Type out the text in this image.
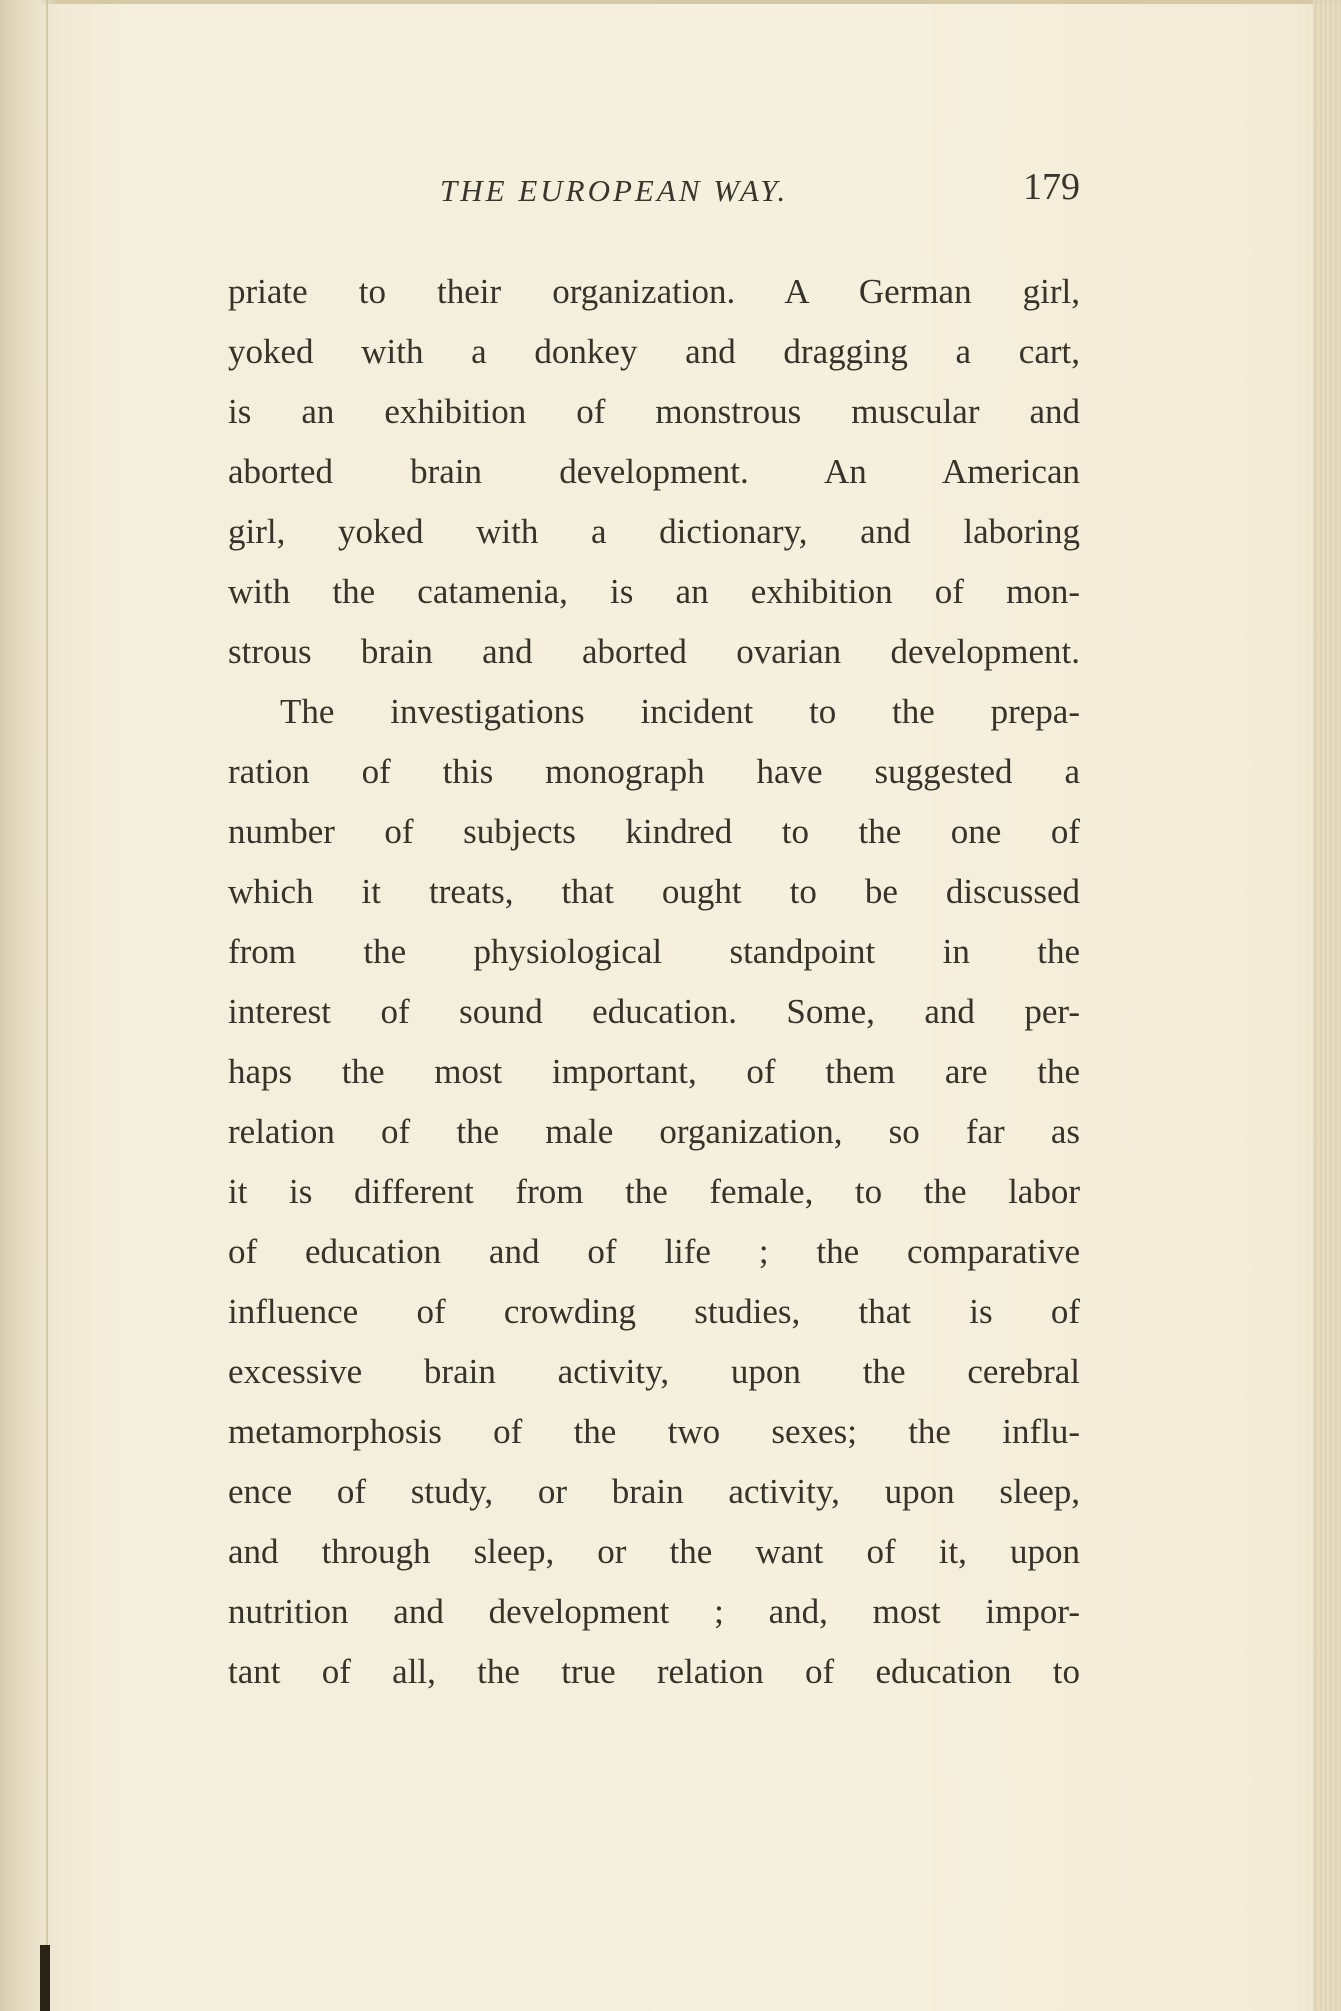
THE EUROPEAN WAY.	179
priate to their organization. A German girl,
yoked with a donkey and dragging a cart,
is an exhibition of monstrous muscular and
aborted brain development. An American
girl, yoked with a dictionary, and laboring
with the catamenia, is an exhibition of mon-
strous brain and aborted ovarian development.
The investigations incident to the prepa-
ration of this monograph have suggested a
number of subjects kindred to the one of
which it treats, that ought to be discussed
from the physiological standpoint in the
interest of sound education. Some, and per-
haps the most important, of them are the
relation of the male organization, so far as
it is different from the female, to the labor
of education and of life ; the comparative
influence of crowding studies, that is of
excessive brain activity, upon the cerebral
metamorphosis of the two sexes; the influ-
ence of study, or brain activity, upon sleep,
and through sleep, or the want of it, upon
nutrition and development ; and, most impor-
tant of all, the true relation of education to
